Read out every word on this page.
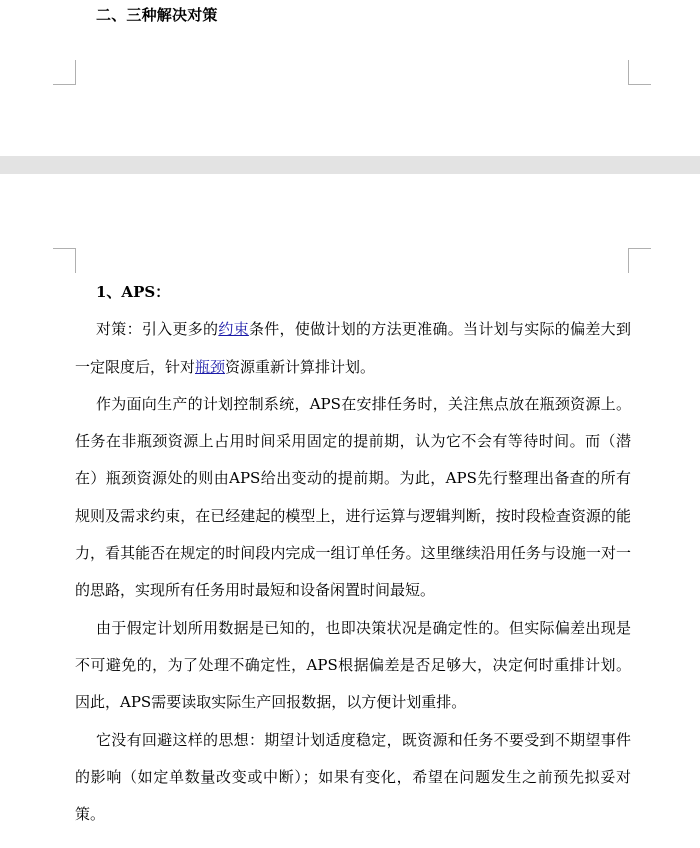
二、三种解决对策

1、APS：

对策：引入更多的约束条件，使做计划的方法更准确。当计划与实际的偏差大到一定限度后，针对瓶颈资源重新计算排计划。

作为面向生产的计划控制系统，APS在安排任务时，关注焦点放在瓶颈资源上。任务在非瓶颈资源上占用时间采用固定的提前期，认为它不会有等待时间。而（潜在）瓶颈资源处的则由APS给出变动的提前期。为此，APS先行整理出备查的所有规则及需求约束，在已经建起的模型上，进行运算与逻辑判断，按时段检查资源的能力，看其能否在规定的时间段内完成一组订单任务。这里继续沿用任务与设施一对一的思路，实现所有任务用时最短和设备闲置时间最短。

由于假定计划所用数据是已知的，也即决策状况是确定性的。但实际偏差出现是不可避免的，为了处理不确定性，APS根据偏差是否足够大，决定何时重排计划。因此，APS需要读取实际生产回报数据，以方便计划重排。

它没有回避这样的思想：期望计划适度稳定，既资源和任务不要受到不期望事件的影响（如定单数量改变或中断）；如果有变化，希望在问题发生之前预先拟妥对策。
